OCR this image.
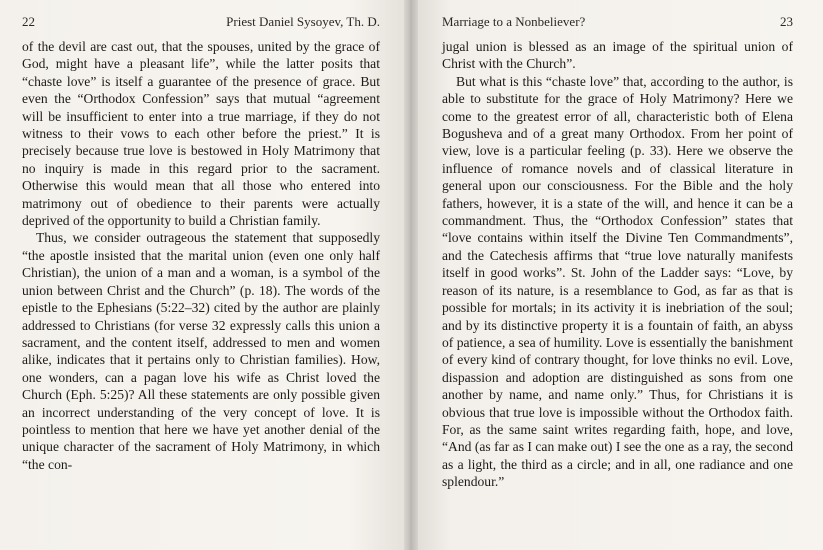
22	Priest Daniel Sysoyev, Th. D.

of the devil are cast out, that the spouses, united by the grace of God, might have a pleasant life”, while the latter posits that “chaste love” is itself a guarantee of the presence of grace. But even the “Orthodox Confession” says that mutual “agreement will be insufficient to enter into a true marriage, if they do not witness to their vows to each other before the priest.” It is precisely because true love is bestowed in Holy Matrimony that no inquiry is made in this regard prior to the sacrament. Otherwise this would mean that all those who entered into matrimony out of obedience to their parents were actually deprived of the opportunity to build a Christian family.

Thus, we consider outrageous the statement that supposedly “the apostle insisted that the marital union (even one only half Christian), the union of a man and a woman, is a symbol of the union between Christ and the Church” (p. 18). The words of the epistle to the Ephesians (5:22–32) cited by the author are plainly addressed to Christians (for verse 32 expressly calls this union a sacrament, and the content itself, addressed to men and women alike, indicates that it pertains only to Christian families). How, one wonders, can a pagan love his wife as Christ loved the Church (Eph. 5:25)? All these statements are only possible given an incorrect understanding of the very concept of love. It is pointless to mention that here we have yet another denial of the unique character of the sacrament of Holy Matrimony, in which “the con-

Marriage to a Nonbeliever?	23

jugal union is blessed as an image of the spiritual union of Christ with the Church”.

But what is this “chaste love” that, according to the author, is able to substitute for the grace of Holy Matrimony? Here we come to the greatest error of all, characteristic both of Elena Bogusheva and of a great many Orthodox. From her point of view, love is a particular feeling (p. 33). Here we observe the influence of romance novels and of classical literature in general upon our consciousness. For the Bible and the holy fathers, however, it is a state of the will, and hence it can be a commandment. Thus, the “Orthodox Confession” states that “love contains within itself the Divine Ten Commandments”, and the Catechesis affirms that “true love naturally manifests itself in good works”. St. John of the Ladder says: “Love, by reason of its nature, is a resemblance to God, as far as that is possible for mortals; in its activity it is inebriation of the soul; and by its distinctive property it is a fountain of faith, an abyss of patience, a sea of humility. Love is essentially the banishment of every kind of contrary thought, for love thinks no evil. Love, dispassion and adoption are distinguished as sons from one another by name, and name only.” Thus, for Christians it is obvious that true love is impossible without the Orthodox faith. For, as the same saint writes regarding faith, hope, and love, “And (as far as I can make out) I see the one as a ray, the second as a light, the third as a circle; and in all, one radiance and one splendour.”
